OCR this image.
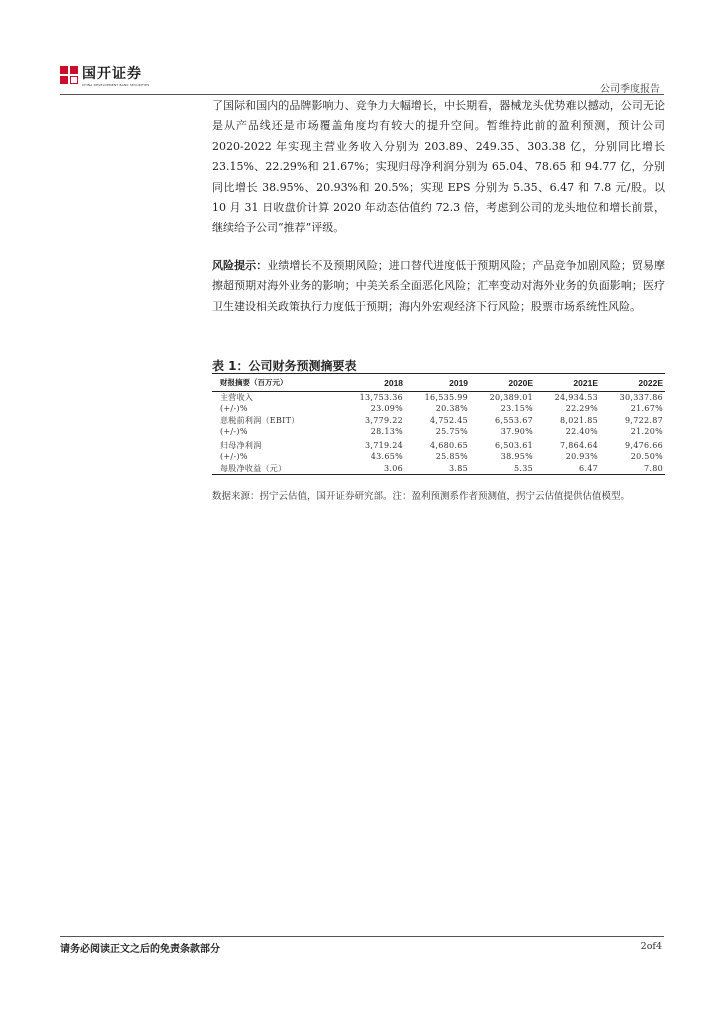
国开证券
CHINA DEVELOPMENT BANK SECURITIES	公司季度报告

了国际和国内的品牌影响力、竞争力大幅增长，中长期看，器械龙头优势难以撼动，公司无论是从产品线还是市场覆盖角度均有较大的提升空间。暂维持此前的盈利预测，预计公司 2020-2022 年实现主营业务收入分别为 203.89、249.35、303.38 亿，分别同比增长 23.15%、22.29%和 21.67%；实现归母净利润分别为 65.04、78.65 和 94.77 亿，分别同比增长 38.95%、20.93%和 20.5%；实现 EPS 分别为 5.35、6.47 和 7.8 元/股。以 10 月 31 日收盘价计算 2020 年动态估值约 72.3 倍，考虑到公司的龙头地位和增长前景，继续给予公司“推荐”评级。

风险提示：业绩增长不及预期风险；进口替代进度低于预期风险；产品竞争加剧风险；贸易摩擦超预期对海外业务的影响；中美关系全面恶化风险；汇率变动对海外业务的负面影响；医疗卫生建设相关政策执行力度低于预期；海内外宏观经济下行风险；股票市场系统性风险。

表 1：公司财务预测摘要表
财报摘要（百万元）	2018	2019	2020E	2021E	2022E
主营收入	13,753.36	16,535.99	20,389.01	24,934.53	30,337.86
(+/-)%	23.09%	20.38%	23.15%	22.29%	21.67%
息税前利润（EBIT）	3,779.22	4,752.45	6,553.67	8,021.85	9,722.87
(+/-)%	28.13%	25.75%	37.90%	22.40%	21.20%

归母净利润	3,719.24	4,680.65	6,503.61	7,864.64	9,476.66
(+/-)%	43.65%	25.85%	38.95%	20.93%	20.50%
每股净收益（元）	3.06	3.85	5.35	6.47	7.80

数据来源：拐宁云估值，国开证券研究部。注：盈利预测系作者预测值，拐宁云估值提供估值模型。

请务必阅读正文之后的免责条款部分	2of4
